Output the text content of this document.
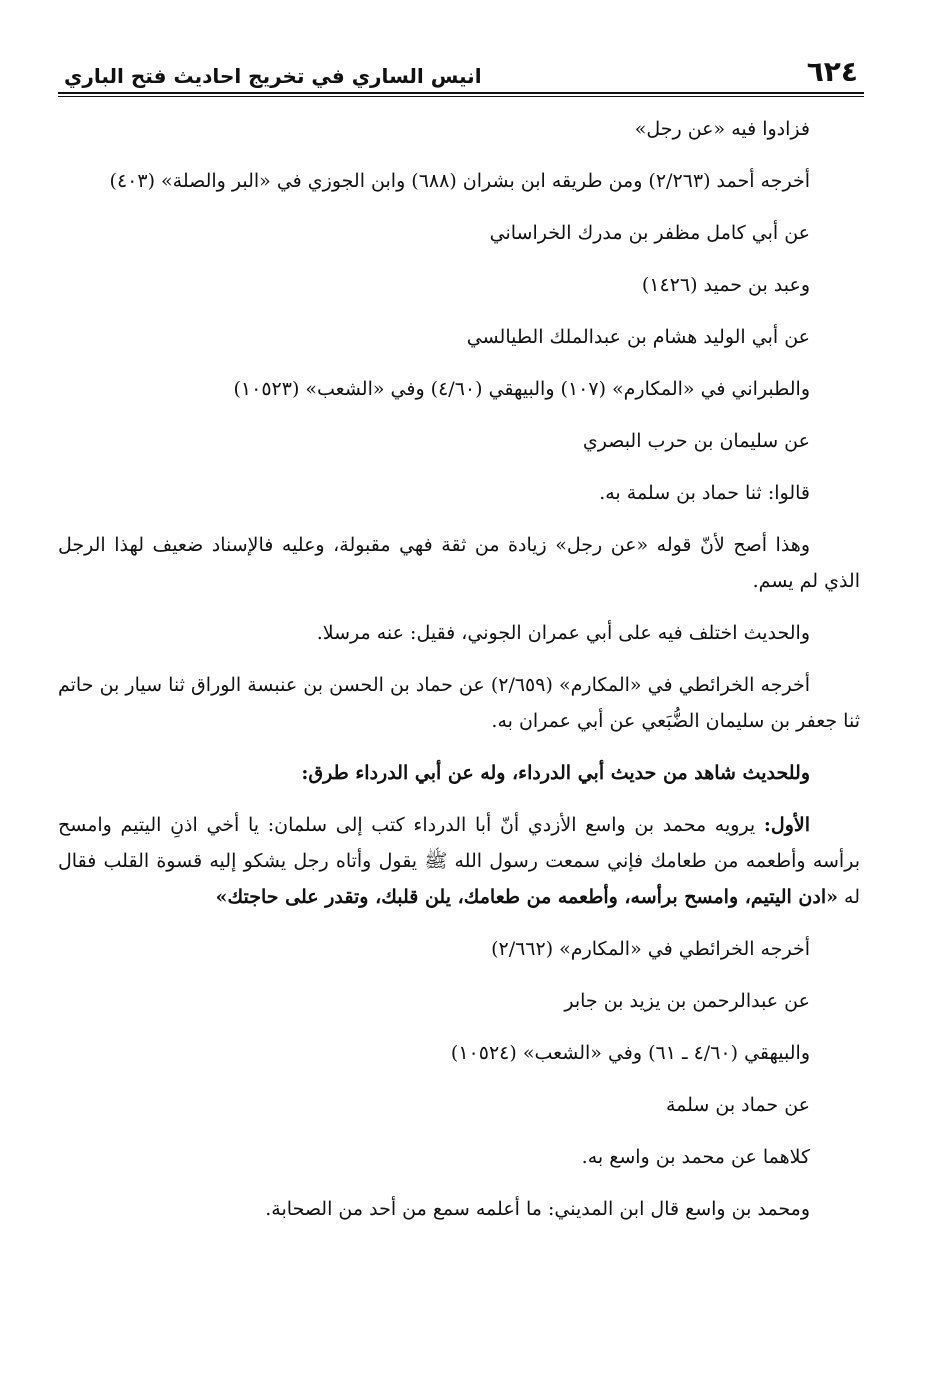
٦٢٤
انيس الساري في تخريج احاديث فتح الباري

فزادوا فيه «عن رجل»

أخرجه أحمد (٢/٢٦٣) ومن طريقه ابن بشران (٦٨٨) وابن الجوزي في «البر والصلة» (٤٠٣)

عن أبي كامل مظفر بن مدرك الخراساني

وعبد بن حميد (١٤٢٦)

عن أبي الوليد هشام بن عبدالملك الطيالسي

والطبراني في «المكارم» (١٠٧) والبيهقي (٤/٦٠) وفي «الشعب» (١٠٥٢٣)

عن سليمان بن حرب البصري

قالوا: ثنا حماد بن سلمة به.

وهذا أصح لأنّ قوله «عن رجل» زيادة من ثقة فهي مقبولة، وعليه فالإسناد ضعيف لهذا الرجل الذي لم يسم.

والحديث اختلف فيه على أبي عمران الجوني، فقيل: عنه مرسلا.

أخرجه الخرائطي في «المكارم» (٢/٦٥٩) عن حماد بن الحسن بن عنبسة الوراق ثنا سيار بن حاتم ثنا جعفر بن سليمان الضُّبَعي عن أبي عمران به.

وللحديث شاهد من حديث أبي الدرداء، وله عن أبي الدرداء طرق:

الأول: يرويه محمد بن واسع الأزدي أنّ أبا الدرداء كتب إلى سلمان: يا أخي اذنِ اليتيم وامسح برأسه وأطعمه من طعامك فإني سمعت رسول الله ﷺ يقول وأتاه رجل يشكو إليه قسوة القلب فقال له «ادن اليتيم، وامسح برأسه، وأطعمه من طعامك، يلن قلبك، وتقدر على حاجتك»

أخرجه الخرائطي في «المكارم» (٢/٦٦٢)

عن عبدالرحمن بن يزيد بن جابر

والبيهقي (٤/٦٠ ـ ٦١) وفي «الشعب» (١٠٥٢٤)

عن حماد بن سلمة

كلاهما عن محمد بن واسع به.

ومحمد بن واسع قال ابن المديني: ما أعلمه سمع من أحد من الصحابة.
